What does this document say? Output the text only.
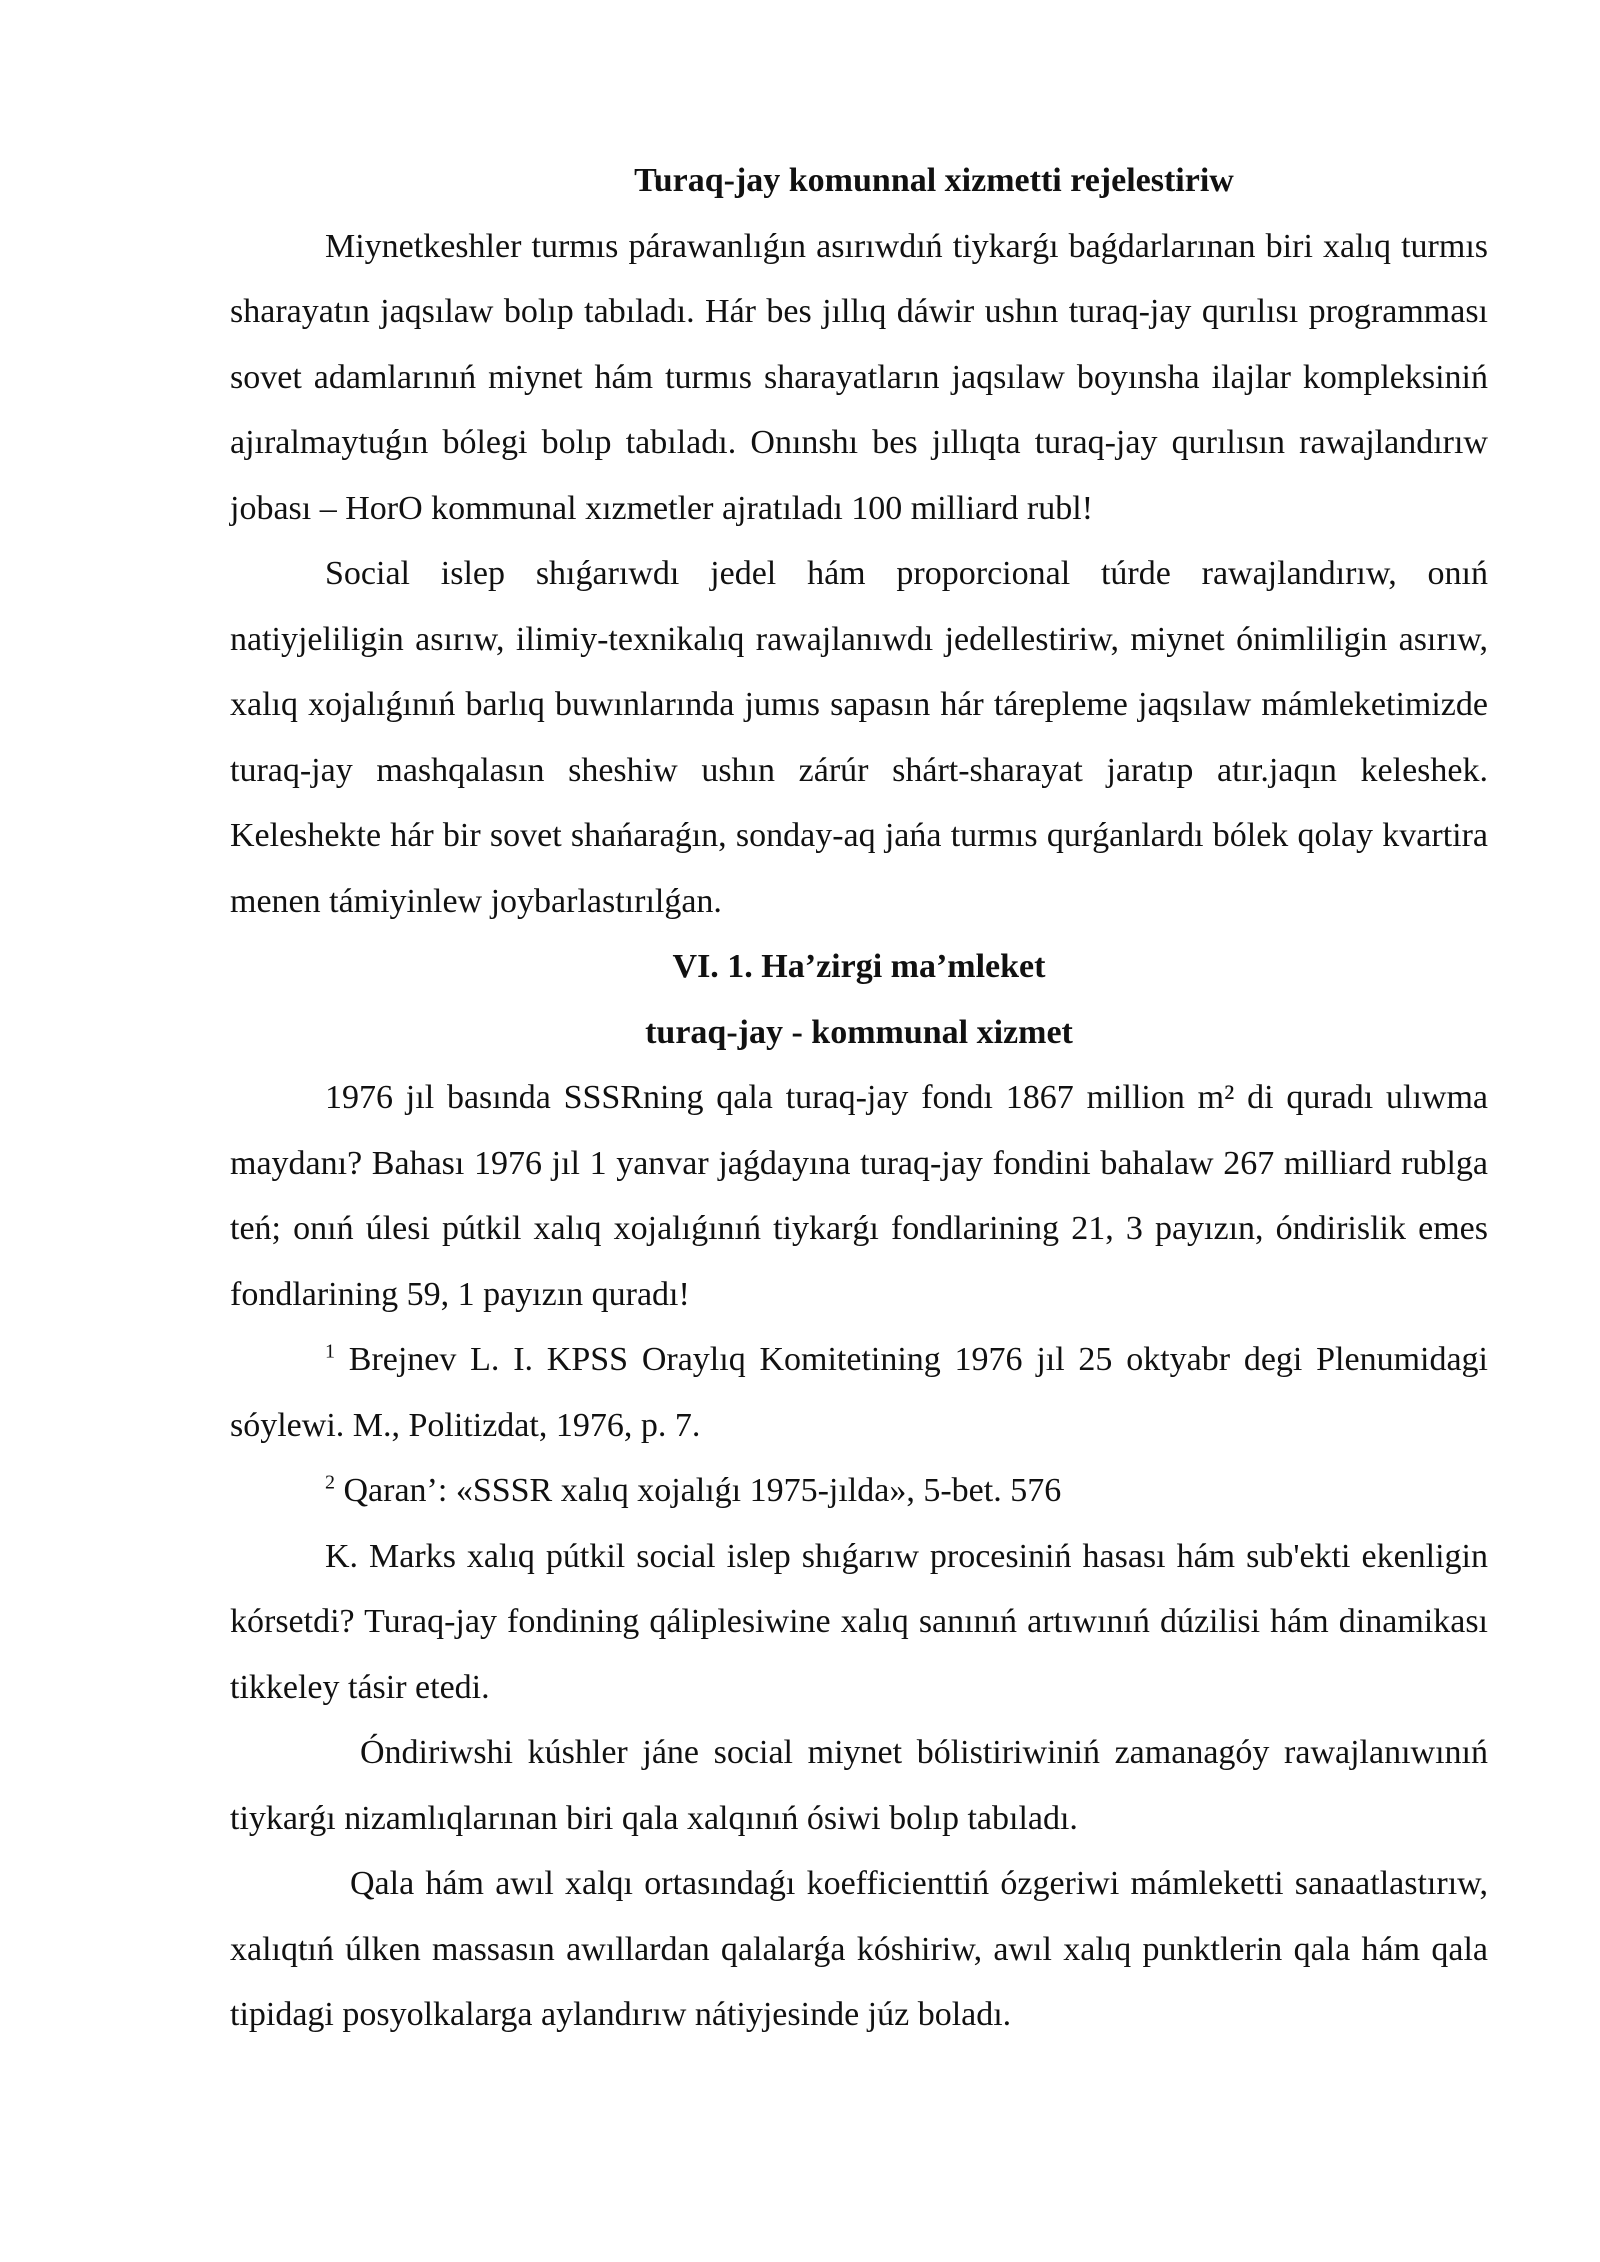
Turaq-jay komunnal xizmetti rejelestiriw

Miynetkeshler turmıs párawanlıǵın asırıwdıń tiykarǵı baǵdarlarınan biri xalıq turmıs sharayatın jaqsılaw bolıp tabıladı. Hár bes jıllıq dáwir ushın turaq-jay qurılısı programması sovet adamlarınıń miynet hám turmıs sharayatların jaqsılaw boyınsha ilajlar kompleksiniń ajıralmaytuǵın bólegi bolıp tabıladı. Onınshı bes jıllıqta turaq-jay qurılısın rawajlandırıw jobası – HorO kommunal xızmetler ajratıladı 100 milliard rubl!

Social islep shıǵarıwdı jedel hám proporcional túrde rawajlandırıw, onıń natiyjeliligin asırıw, ilimiy-texnikalıq rawajlanıwdı jedellestiriw, miynet ónimliligin asırıw, xalıq xojalıǵınıń barlıq buwınlarında jumıs sapasın hár tárepleme jaqsılaw mámleketimizde turaq-jay mashqalasın sheshiw ushın zárúr shárt-sharayat jaratıp atır.jaqın keleshek. Keleshekte hár bir sovet shańaraǵın, sonday-aq jańa turmıs qurǵanlardı bólek qolay kvartira menen támiyinlew joybarlastırılǵan.

VI. 1. Ha’zirgi ma’mleket
turaq-jay - kommunal xizmet

1976 jıl basında SSSRning qala turaq-jay fondı 1867 million m² di quradı ulıwma maydanı? Bahası 1976 jıl 1 yanvar jaǵdayına turaq-jay fondini bahalaw 267 milliard rublga teń; onıń úlesi pútkil xalıq xojalıǵınıń tiykarǵı fondlarining 21, 3 payızın, óndirislik emes fondlarining 59, 1 payızın quradı!

$^1$ Brejnev L. I. KPSS Oraylıq Komitetining 1976 jıl 25 oktyabr degi Plenumidagi sóylewi. M., Politizdat, 1976, p. 7.

$^2$ Qaran’: «SSSR xalıq xojalıǵı 1975-jılda», 5-bet. 576

K. Marks xalıq pútkil social islep shıǵarıw procesiniń hasası hám sub'ekti ekenligin kórsetdi? Turaq-jay fondining qáliplesiwine xalıq sanınıń artıwınıń dúzilisi hám dinamikası tikkeley tásir etedi.

Óndiriwshi kúshler jáne social miynet bólistiriwiniń zamanagóy rawajlanıwınıń tiykarǵı nizamlıqlarınan biri qala xalqınıń ósiwi bolıp tabıladı.

Qala hám awıl xalqı ortasındaǵı koefficienttiń ózgeriwi mámleketti sanaatlastırıw, xalıqtıń úlken massasın awıllardan qalalarǵa kóshiriw, awıl xalıq punktlerin qala hám qala tipidagi posyolkalarga aylandırıw nátiyjesinde júz boladı.
